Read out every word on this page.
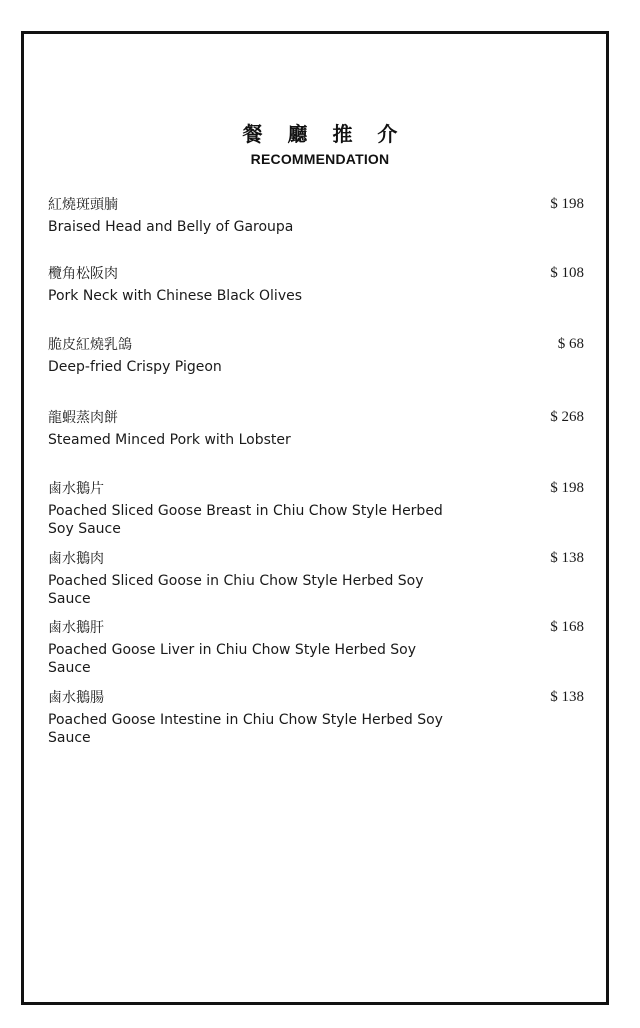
餐 廳 推 介
RECOMMENDATION
紅燒斑頭腩
Braised Head and Belly of Garoupa
$ 198
欖角松阪肉
Pork Neck with Chinese Black Olives
$ 108
脆皮紅燒乳鴿
Deep-fried Crispy Pigeon
$ 68
龍蝦蒸肉餅
Steamed Minced Pork with Lobster
$ 268
鹵水鵝片
Poached Sliced Goose Breast in Chiu Chow Style Herbed Soy Sauce
$ 198
鹵水鵝肉
Poached Sliced Goose in Chiu Chow Style Herbed Soy Sauce
$ 138
鹵水鵝肝
Poached Goose Liver in Chiu Chow Style Herbed Soy Sauce
$ 168
鹵水鵝腸
Poached Goose Intestine in Chiu Chow Style Herbed Soy Sauce
$ 138
